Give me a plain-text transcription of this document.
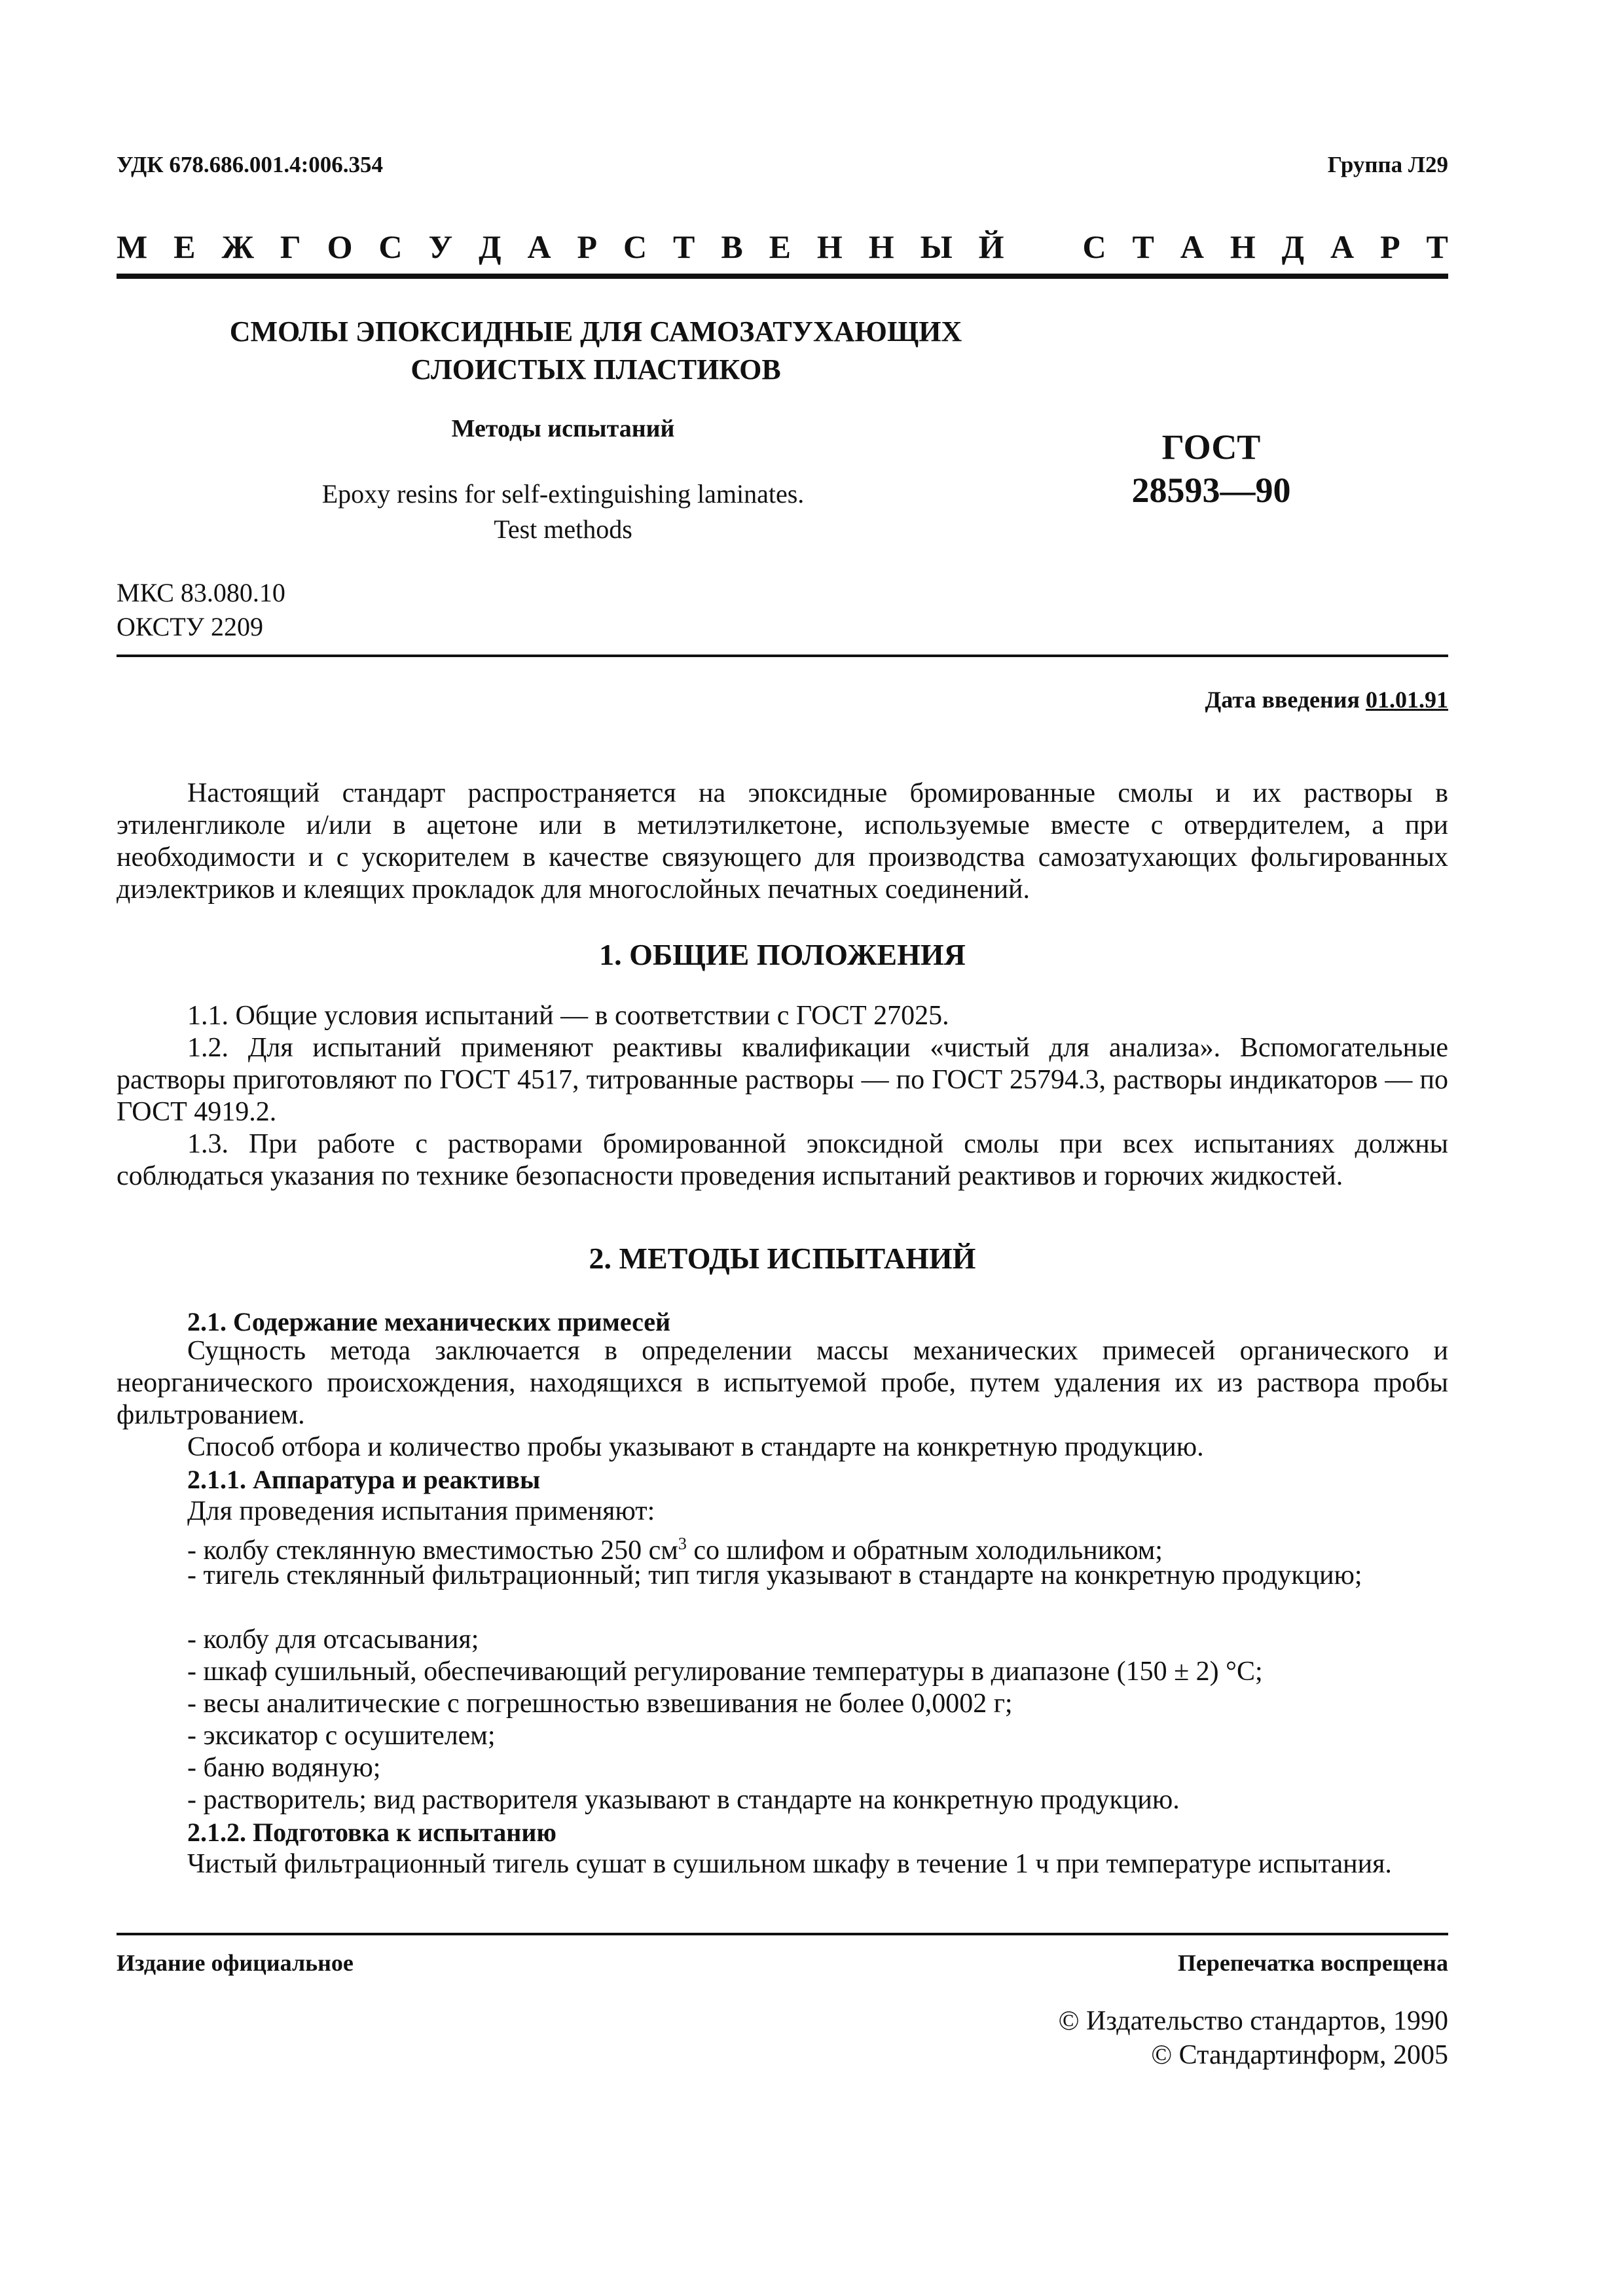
УДК 678.686.001.4:006.354	Группа Л29
М Е Ж Г О С У Д А Р С Т В Е Н Н Ы Й С Т А Н Д А Р Т
СМОЛЫ ЭПОКСИДНЫЕ ДЛЯ САМОЗАТУХАЮЩИХ
СЛОИСТЫХ ПЛАСТИКОВ
Методы испытаний
Epoxy resins for self-extinguishing laminates.
Test methods
ГОСТ
28593—90
МКС 83.080.10
ОКСТУ 2209
Дата введения 01.01.91
Настоящий стандарт распространяется на эпоксидные бромированные смолы и их растворы в этиленгликоле и/или в ацетоне или в метилэтилкетоне, используемые вместе с отвердителем, а при необходимости и с ускорителем в качестве связующего для производства самозатухающих фольгированных диэлектриков и клеящих прокладок для многослойных печатных соединений.
1. ОБЩИЕ ПОЛОЖЕНИЯ
1.1. Общие условия испытаний — в соответствии с ГОСТ 27025.
1.2. Для испытаний применяют реактивы квалификации «чистый для анализа». Вспомогательные растворы приготовляют по ГОСТ 4517, титрованные растворы — по ГОСТ 25794.3, растворы индикаторов — по ГОСТ 4919.2.
1.3. При работе с растворами бромированной эпоксидной смолы при всех испытаниях должны соблюдаться указания по технике безопасности проведения испытаний реактивов и горючих жидкостей.
2. МЕТОДЫ ИСПЫТАНИЙ
2.1. Содержание механических примесей
Сущность метода заключается в определении массы механических примесей органического и неорганического происхождения, находящихся в испытуемой пробе, путем удаления их из раствора пробы фильтрованием.
Способ отбора и количество пробы указывают в стандарте на конкретную продукцию.
2.1.1. Аппаратура и реактивы
Для проведения испытания применяют:
- колбу стеклянную вместимостью 250 $см^3$ со шлифом и обратным холодильником;
- тигель стеклянный фильтрационный; тип тигля указывают в стандарте на конкретную продукцию;
- колбу для отсасывания;
- шкаф сушильный, обеспечивающий регулирование температуры в диапазоне (150 ± 2) °С;
- весы аналитические с погрешностью взвешивания не более 0,0002 г;
- эксикатор с осушителем;
- баню водяную;
- растворитель; вид растворителя указывают в стандарте на конкретную продукцию.
2.1.2. Подготовка к испытанию
Чистый фильтрационный тигель сушат в сушильном шкафу в течение 1 ч при температуре испытания.
Издание официальное	Перепечатка воспрещена
© Издательство стандартов, 1990
© Стандартинформ, 2005
